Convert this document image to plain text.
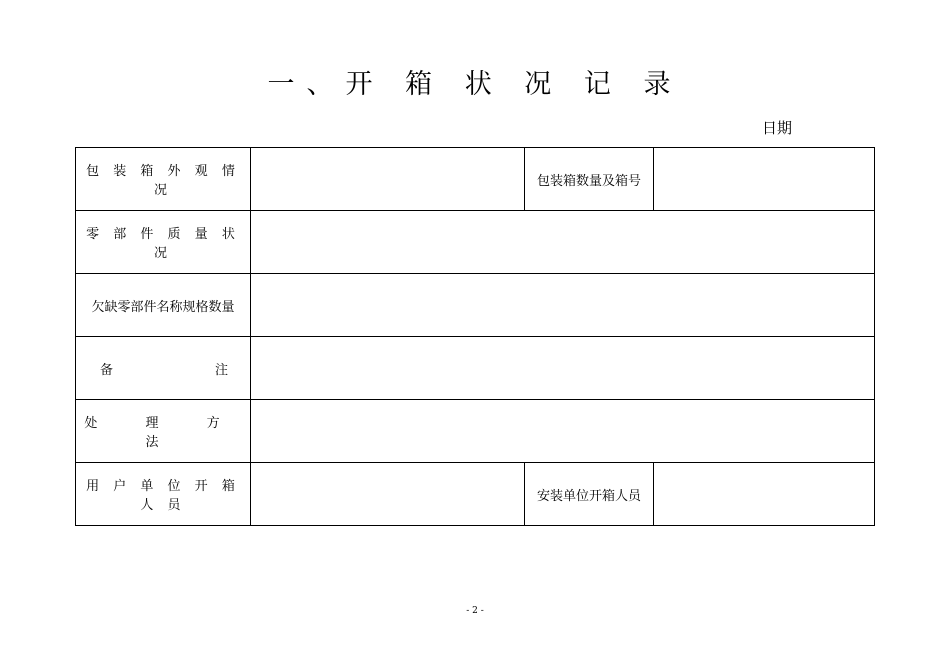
一、开 箱 状 况 记 录
日期
包 装 箱 外 观 情 况		包装箱数量及箱号	
零 部 件 质 量 状 况			
欠缺零部件名称规格数量			

备 注			

处 理 方 法			
用 户 单 位 开 箱 人 员		安装单位开箱人员	
- 2 -
